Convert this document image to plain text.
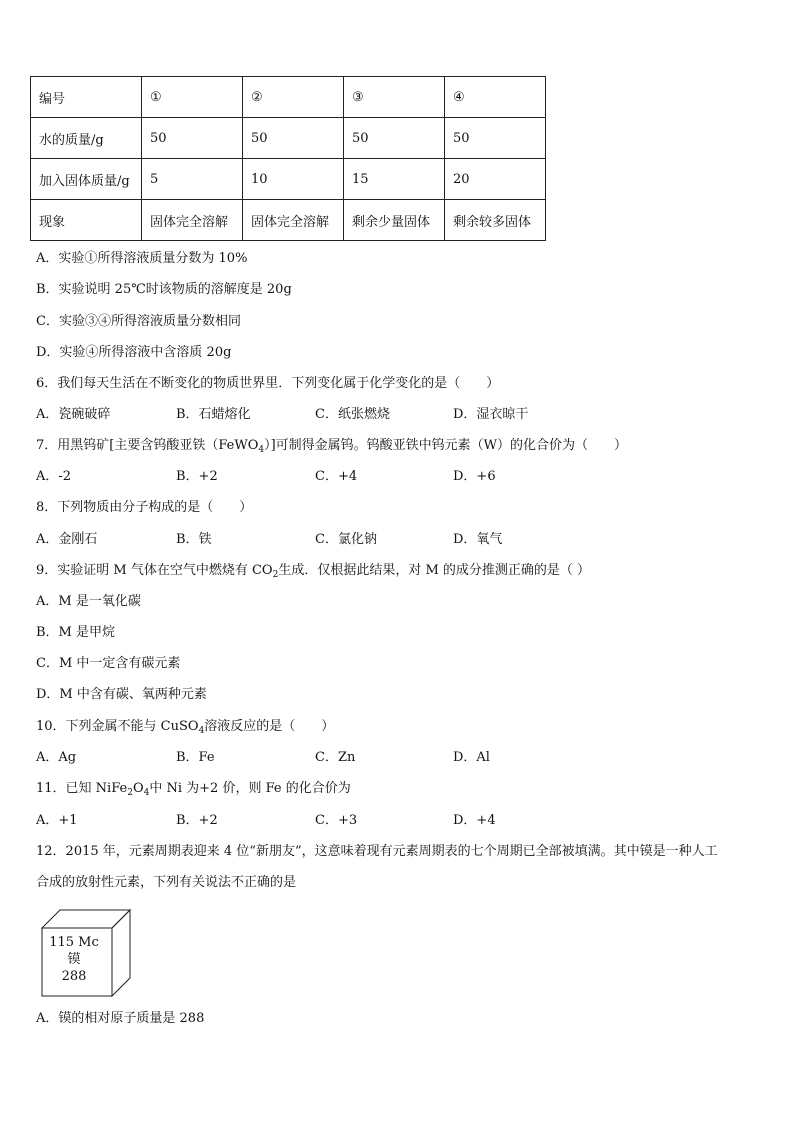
编号	①	②	③	④
水的质量/g	50	50	50	50
加入固体质量/g	5	10	15	20
现象	固体完全溶解	固体完全溶解	剩余少量固体	剩余较多固体
A．实验①所得溶液质量分数为 10%
B．实验说明 25℃时该物质的溶解度是 20g
C．实验③④所得溶液质量分数相同
D．实验④所得溶液中含溶质 20g
6．我们每天生活在不断变化的物质世界里．下列变化属于化学变化的是（　　）
A．瓷碗破碎	B．石蜡熔化	C．纸张燃烧	D．湿衣晾干
7．用黑钨矿[主要含钨酸亚铁（FeWO$_4$）]可制得金属钨。钨酸亚铁中钨元素（W）的化合价为（　　）
A．-2	B．+2	C．+4	D．+6
8．下列物质由分子构成的是（　　）
A．金刚石	B．铁	C．氯化钠	D．氧气
9．实验证明 M 气体在空气中燃烧有 $CO_2$生成．仅根据此结果，对 M 的成分推测正确的是（ ）
A．M 是一氧化碳
B．M 是甲烷
C．M 中一定含有碳元素
D．M 中含有碳、氧两种元素
10．下列金属不能与 CuSO$_4$溶液反应的是（　　）
A．Ag	B．Fe	C．Zn	D．Al
11．已知 $NiFe_2O_4$中 Ni 为+2 价，则 Fe 的化合价为
A．+1	B．+2	C．+3	D．+4
12．2015 年，元素周期表迎来 4 位“新朋友”，这意味着现有元素周期表的七个周期已全部被填满。其中镆是一种人工
合成的放射性元素，下列有关说法不正确的是
115 Mc
镆
288
A．镆的相对原子质量是 288
